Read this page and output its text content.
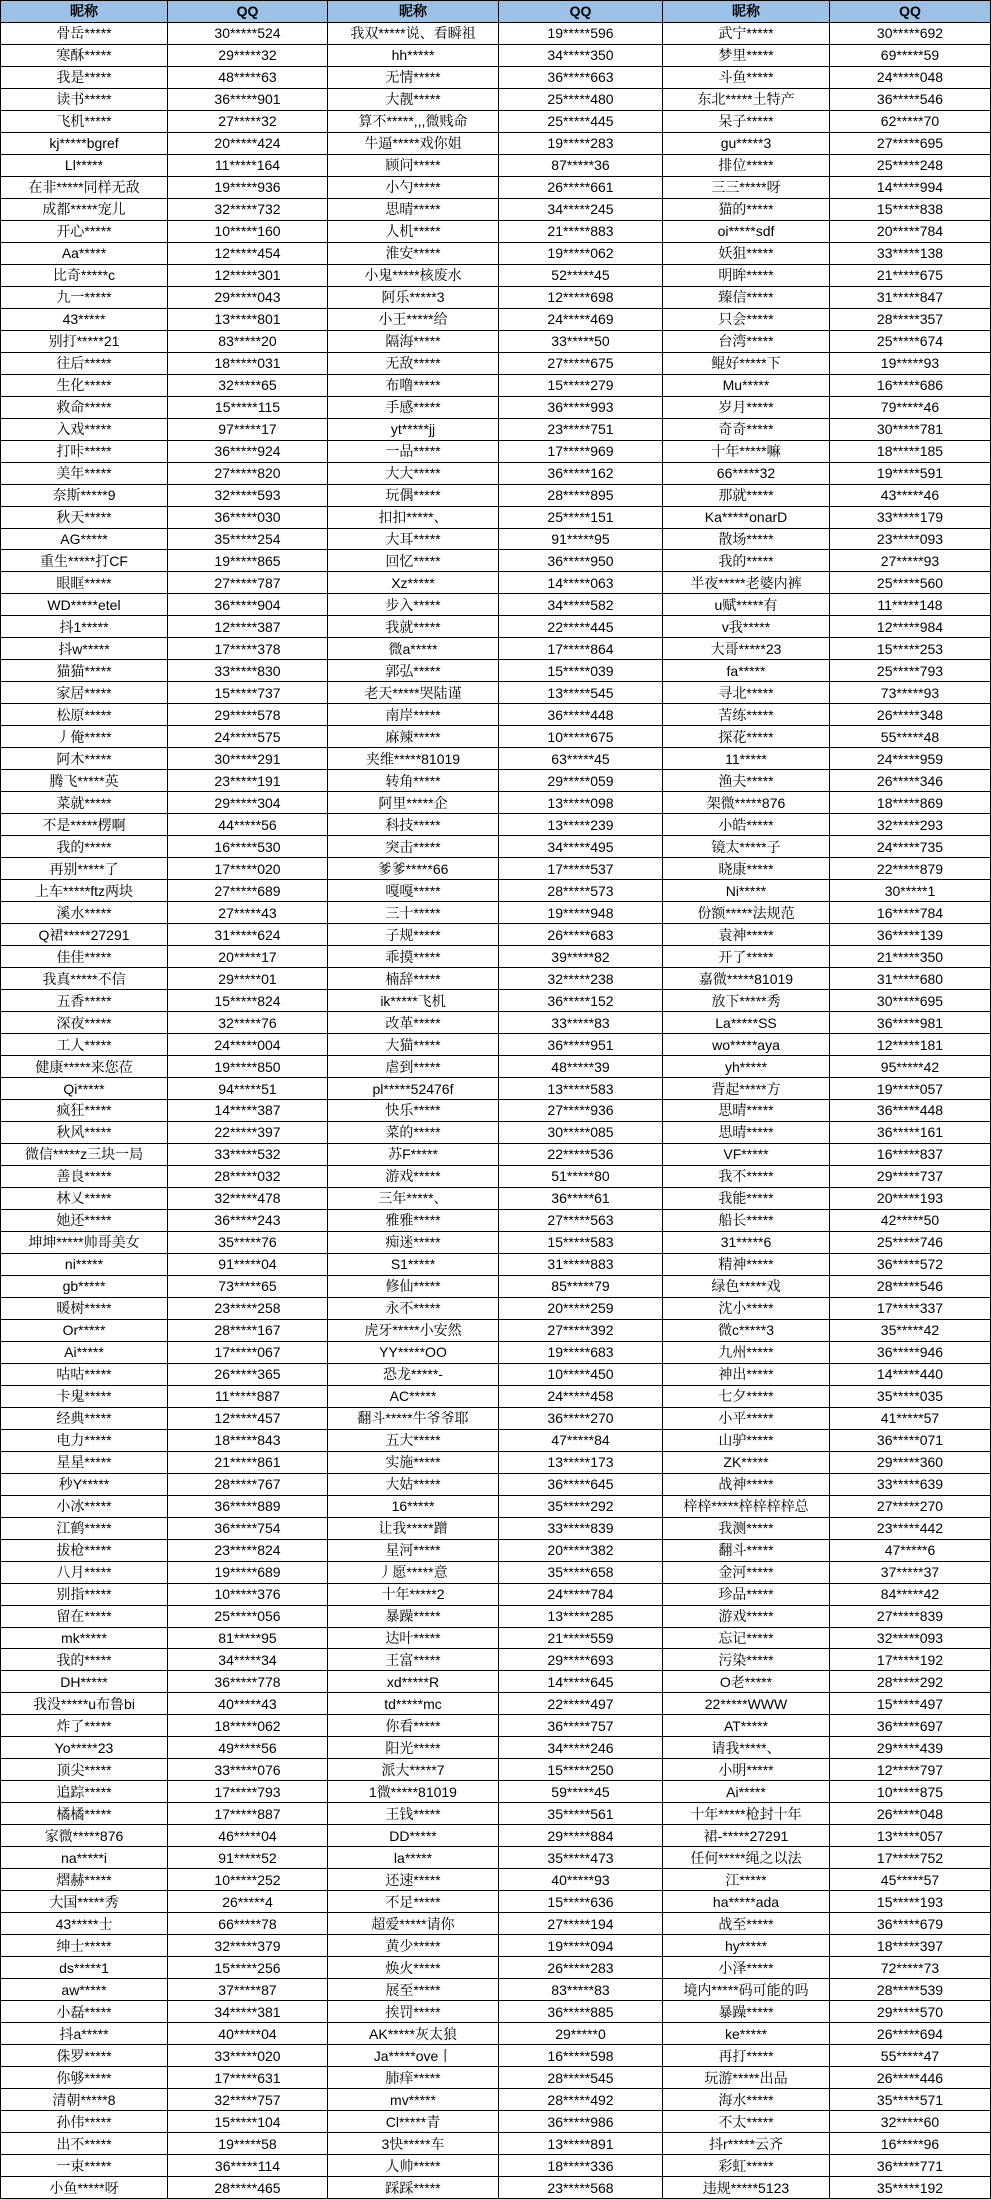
昵称	QQ	昵称	QQ	昵称	QQ
骨岳*****	30*****524	我双*****说、看瞬祖	19*****596	武宁*****	30*****692
寒酥*****	29*****32	hh*****	34*****350	梦里*****	69*****59
我是*****	48*****63	无情*****	36*****663	斗鱼*****	24*****048
读书*****	36*****901	大靓*****	25*****480	东北*****土特产	36*****546
飞机*****	27*****32	算不*****,,,微贱命	25*****445	呆子*****	62*****70
kj*****bgref	20*****424	牛逼*****戏你姐	19*****283	gu*****3	27*****695
Ll*****	11*****164	顾问*****	87*****36	排位*****	25*****248
在非*****同样无敌	19*****936	小勺*****	26*****661	三三*****呀	14*****994
成都*****宠儿	32*****732	思晴*****	34*****245	猫的*****	15*****838
开心*****	10*****160	人机*****	21*****883	oi*****sdf	20*****784
Aa*****	12*****454	淮安*****	19*****062	妖狙*****	33*****138
比奇*****c	12*****301	小鬼*****核废水	52*****45	明眸*****	21*****675
九一*****	29*****043	阿乐*****3	12*****698	臻信*****	31*****847
43*****	13*****801	小王*****给	24*****469	只会*****	28*****357
别打*****21	83*****20	隔海*****	33*****50	台湾*****	25*****674
往后*****	18*****031	无敌*****	27*****675	鲲好*****下	19*****93
生化*****	32*****65	布噜*****	15*****279	Mu*****	16*****686
救命*****	15*****115	手感*****	36*****993	岁月*****	79*****46
入戏*****	97*****17	yt*****jj	23*****751	奇奇*****	30*****781
打咔*****	36*****924	一品*****	17*****969	十年*****嘛	18*****185
美年*****	27*****820	大大*****	36*****162	66*****32	19*****591
奈斯*****9	32*****593	玩偶*****	28*****895	那就*****	43*****46
秋天*****	36*****030	扣扣*****、	25*****151	Ka*****onarD	33*****179
AG*****	35*****254	大耳*****	91*****95	散场*****	23*****093
重生*****打CF	19*****865	回忆*****	36*****950	我的*****	27*****93
眼眶*****	27*****787	Xz*****	14*****063	半夜*****老婆内裤	25*****560
WD*****etel	36*****904	步入*****	34*****582	u赋*****有	11*****148
抖1*****	12*****387	我就*****	22*****445	v我*****	12*****984
抖w*****	17*****378	微a*****	17*****864	大哥*****23	15*****253
猫猫*****	33*****830	郭弘*****	15*****039	fa*****	25*****793
家居*****	15*****737	老天*****哭陆谨	13*****545	寻北*****	73*****93
松原*****	29*****578	南岸*****	36*****448	苦练*****	26*****348
丿俺*****	24*****575	麻辣*****	10*****675	探花*****	55*****48
阿木*****	30*****291	夹维*****81019	63*****45	11*****	24*****959
腾飞*****英	23*****191	转角*****	29*****059	渔夫*****	26*****346
菜就*****	29*****304	阿里*****企	13*****098	架微*****876	18*****869
不是*****楞啊	44*****56	科技*****	13*****239	小皓*****	32*****293
我的*****	16*****530	突击*****	34*****495	镜太*****子	24*****735
再别*****了	17*****020	爹爹*****66	17*****537	晓康*****	22*****879
上车*****ftz两块	27*****689	嘎嘎*****	28*****573	Ni*****	30*****1
溪水*****	27*****43	三十*****	19*****948	份额*****法规范	16*****784
Q裙*****27291	31*****624	子规*****	26*****683	袁神*****	36*****139
佳佳*****	20*****17	乖摸*****	39*****82	开了*****	21*****350
我真*****不信	29*****01	楠辞*****	32*****238	嘉微*****81019	31*****680
五香*****	15*****824	ik*****飞机	36*****152	放下*****秀	30*****695
深夜*****	32*****76	改革*****	33*****83	La*****SS	36*****981
工人*****	24*****004	大猫*****	36*****951	wo*****aya	12*****181
健康*****来您莅	19*****850	虐到*****	48*****39	yh*****	95*****42
Qi*****	94*****51	pl*****52476f	13*****583	背起*****方	19*****057
疯狂*****	14*****387	快乐*****	27*****936	思晴*****	36*****448
秋风*****	22*****397	菜的*****	30*****085	思晴*****	36*****161
微信*****z三块一局	33*****532	苏F*****	22*****536	VF*****	16*****837
善良*****	28*****032	游戏*****	51*****80	我不*****	29*****737
林乂*****	32*****478	三年*****、	36*****61	我能*****	20*****193
她还*****	36*****243	雅雅*****	27*****563	船长*****	42*****50
坤坤*****帅哥美女	35*****76	痴迷*****	15*****583	31*****6	25*****746
ni*****	91*****04	S1*****	31*****883	精神*****	36*****572
gb*****	73*****65	修仙*****	85*****79	绿色*****戏	28*****546
暖树*****	23*****258	永不*****	20*****259	沈小*****	17*****337
Or*****	28*****167	虎牙*****小安然	27*****392	微c*****3	35*****42
Ai*****	17*****067	YY*****OO	19*****683	九州*****	36*****946
咕咕*****	26*****365	恐龙*****-	10*****450	神出*****	14*****440
卡鬼*****	11*****887	AC*****	24*****458	七夕*****	35*****035
经典*****	12*****457	翻斗*****牛爷爷耶	36*****270	小平*****	41*****57
电力*****	18*****843	五大*****	47*****84	山驴*****	36*****071
星星*****	21*****861	实施*****	13*****173	ZK*****	29*****360
秒Y*****	28*****767	大姑*****	36*****645	战神*****	33*****639
小冰*****	36*****889	16*****	35*****292	梓梓*****梓梓梓梓总	27*****270
江鹤*****	36*****754	让我*****蹭	33*****839	我测*****	23*****442
拔枪*****	23*****824	星河*****	20*****382	翻斗*****	47*****6
八月*****	19*****689	丿愿*****意	35*****658	金河*****	37*****37
别指*****	10*****376	十年*****2	24*****784	珍品*****	84*****42
留在*****	25*****056	暴躁*****	13*****285	游戏*****	27*****839
mk*****	81*****95	达叶*****	21*****559	忘记*****	32*****093
我的*****	34*****34	王富*****	29*****693	污染*****	17*****192
DH*****	36*****778	xd*****R	14*****645	O老*****	28*****292
我没*****u布鲁bi	40*****43	td*****mc	22*****497	22*****WWW	15*****497
炸了*****	18*****062	你看*****	36*****757	AT*****	36*****697
Yo*****23	49*****56	阳光*****	34*****246	请我*****、	29*****439
顶尖*****	33*****076	派大*****7	15*****250	小明*****	12*****797
追踪*****	17*****793	1微*****81019	59*****45	Ai*****	10*****875
橘橘*****	17*****887	王钱*****	35*****561	十年*****枪封十年	26*****048
家微*****876	46*****04	DD*****	29*****884	裙-*****27291	13*****057
na*****i	91*****52	la*****	35*****473	任何*****绳之以法	17*****752
熠赫*****	10*****252	还速*****	40*****93	江*****	45*****57
大国*****秀	26*****4	不足*****	15*****636	ha*****ada	15*****193
43*****士	66*****78	超爱*****请你	27*****194	战至*****	36*****679
绅士*****	32*****379	黄少*****	19*****094	hy*****	18*****397
ds*****1	15*****256	焕火*****	26*****283	小泽*****	72*****73
aw*****	37*****87	展至*****	83*****83	境内*****码可能的吗	28*****539
小磊*****	34*****381	挨罚*****	36*****885	暴躁*****	29*****570
抖a*****	40*****04	AK*****灰太狼	29*****0	ke*****	26*****694
侏罗*****	33*****020	Ja*****ove丨	16*****598	再打*****	55*****47
你够*****	17*****631	肺痒*****	28*****545	玩游*****出品	26*****446
清朝*****8	32*****757	mv*****	28*****492	海水*****	35*****571
孙伟*****	15*****104	Cl*****青	36*****986	不太*****	32*****60
出不*****	19*****58	3快*****车	13*****891	抖r*****云齐	16*****96
一束*****	36*****114	人帅*****	18*****336	彩虹*****	36*****771
小鱼*****呀	28*****465	踩踩*****	23*****568	违规*****5123	35*****192
